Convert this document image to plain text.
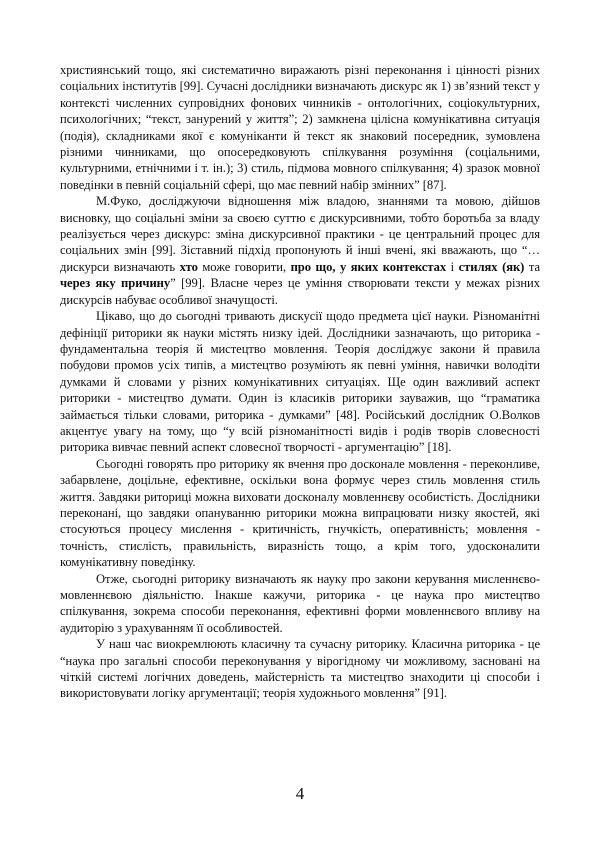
християнський тощо, які систематично виражають різні переконання і цінності різних соціальних інститутів [99]. Сучасні дослідники визначають дискурс як 1) зв’язний текст у контексті численних супровідних фонових чинників - онтологічних, соціокультурних, психологічних; “текст, занурений у життя”; 2) замкнена цілісна комунікативна ситуація (подія), складниками якої є комуніканти й текст як знаковий посередник, зумовлена різними чинниками, що опосередковують спілкування розуміння (соціальними, культурними, етнічними і т. ін.); 3) стиль, підмова мовного спілкування; 4) зразок мовної поведінки в певній соціальній сфері, що має певний набір змінних” [87].

М.Фуко, досліджуючи відношення між владою, знаннями та мовою, дійшов висновку, що соціальні зміни за своєю суттю є дискурсивними, тобто боротьба за владу реалізується через дискурс: зміна дискурсивної практики - це центральний процес для соціальних змін [99]. Зіставний підхід пропонують й інші вчені, які вважають, що “…дискурси визначають хто може говорити, про що, у яких контекстах і стилях (як) та через яку причину” [99]. Власне через це уміння створювати тексти у межах різних дискурсів набуває особливої значущості.

Цікаво, що до сьогодні тривають дискусії щодо предмета цієї науки. Різноманітні дефініції риторики як науки містять низку ідей. Дослідники зазначають, що риторика - фундаментальна теорія й мистецтво мовлення. Теорія досліджує закони й правила побудови промов усіх типів, а мистецтво розуміють як певні уміння, навички володіти думками й словами у різних комунікативних ситуаціях. Ще один важливий аспект риторики - мистецтво думати. Один із класиків риторики зауважив, що “граматика займається тільки словами, риторика - думками” [48]. Російський дослідник О.Волков акцентує увагу на тому, що “у всій різноманітності видів і родів творів словесності риторика вивчає певний аспект словесної творчості - аргументацію” [18].

Сьогодні говорять про риторику як вчення про досконале мовлення - переконливе, забарвлене, доцільне, ефективне, оскільки вона формує через стиль мовлення стиль життя. Завдяки риториці можна виховати досконалу мовленнєву особистість. Дослідники переконані, що завдяки опануванню риторики можна випрацювати низку якостей, які стосуються процесу мислення - критичність, гнучкість, оперативність; мовлення - точність, стислість, правильність, виразність тощо, а крім того, удосконалити комунікативну поведінку.

Отже, сьогодні риторику визначають як науку про закони керування мисленнєво-мовленнєвою діяльністю. Інакше кажучи, риторика - це наука про мистецтво спілкування, зокрема способи переконання, ефективні форми мовленнєвого впливу на аудиторію з урахуванням її особливостей.

У наш час виокремлюють класичну та сучасну риторику. Класична риторика - це “наука про загальні способи переконування у вірогідному чи можливому, засновані на чіткій системі логічних доведень, майстерність та мистецтво знаходити ці способи і використовувати логіку аргументації; теорія художнього мовлення” [91].

4
